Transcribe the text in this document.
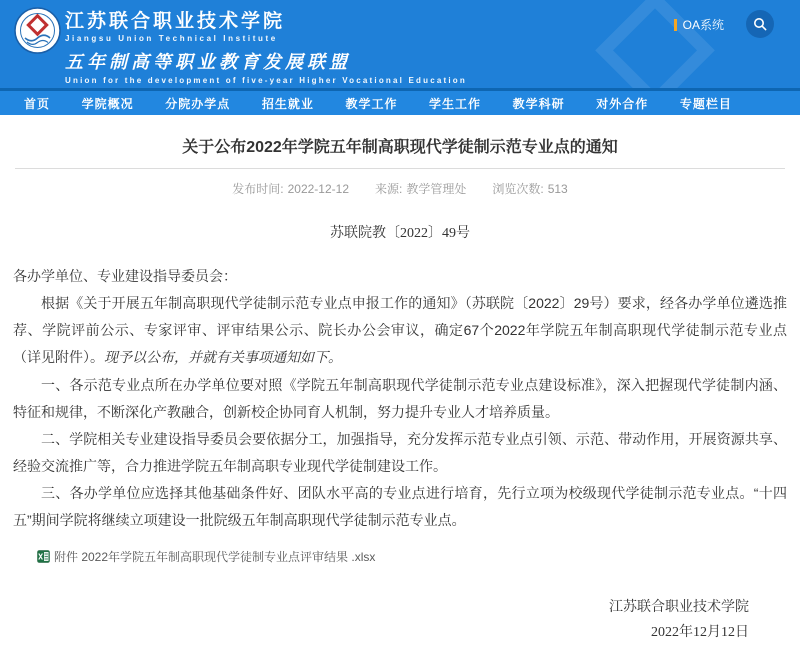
江苏联合职业技术学院
Jiangsu Union Technical Institute
五年制高等职业教育发展联盟
Union for the development of five-year Higher Vocational Education
OA系统
首页	学院概况	分院办学点	招生就业	教学工作	学生工作	教学科研	对外合作	专题栏目
关于公布2022年学院五年制高职现代学徒制示范专业点的通知
发布时间: 2022-12-12 来源: 教学管理处 浏览次数: 513
苏联院教〔2022〕49号

各办学单位、专业建设指导委员会：

根据《关于开展五年制高职现代学徒制示范专业点申报工作的通知》（苏联院〔2022〕29号）要求，经各办学单位遴选推荐、学院评前公示、专家评审、评审结果公示、院长办公会审议，确定67个2022年学院五年制高职现代学徒制示范专业点（详见附件）。现予以公布，并就有关事项通知如下。

一、各示范专业点所在办学单位要对照《学院五年制高职现代学徒制示范专业点建设标准》，深入把握现代学徒制内涵、特征和规律，不断深化产教融合，创新校企协同育人机制，努力提升专业人才培养质量。

二、学院相关专业建设指导委员会要依据分工，加强指导，充分发挥示范专业点引领、示范、带动作用，开展资源共享、经验交流推广等，合力推进学院五年制高职专业现代学徒制建设工作。

三、各办学单位应选择其他基础条件好、团队水平高的专业点进行培育，先行立项为校级现代学徒制示范专业点。“十四五”期间学院将继续立项建设一批院级五年制高职现代学徒制示范专业点。

附件 2022年学院五年制高职现代学徒制专业点评审结果 .xlsx
江苏联合职业技术学院
2022年12月12日
